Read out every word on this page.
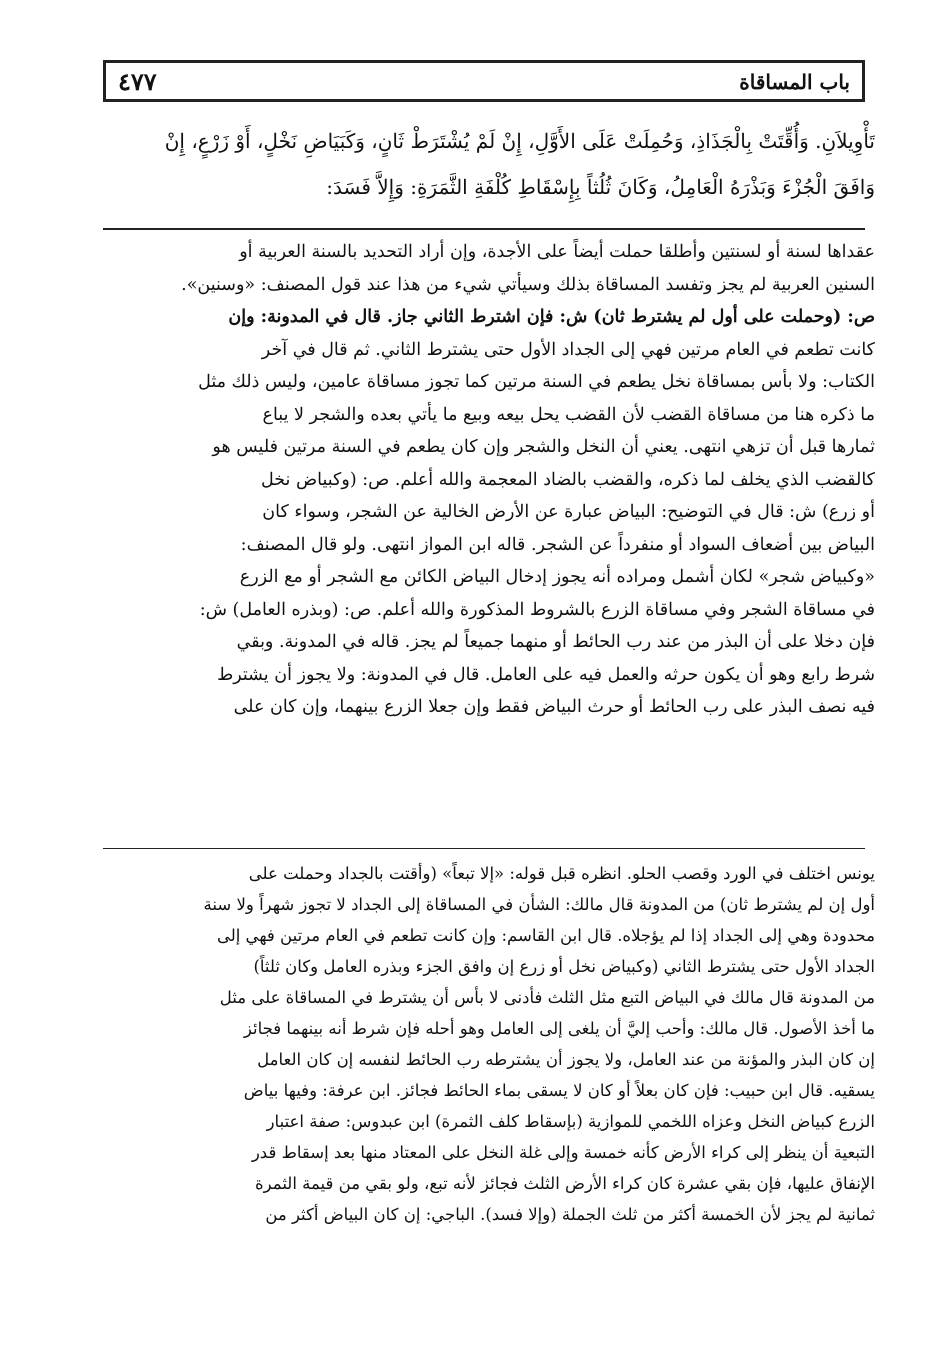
باب المساقاة
٤٧٧
تَأْوِيلاَنِ. وَأُقِّتَتْ بِالْجَذَاذِ، وَحُمِلَتْ عَلَى الأَوَّلِ، إِنْ لَمْ يُشْتَرَطْ ثَانٍ، وَكَبَيَاضِ نَخْلٍ، أَوْ زَرْعٍ، إِنْ
وَافَقَ الْجُزْءَ وَبَذْرَهُ الْعَامِلُ، وَكَانَ ثُلُثاً بِإِسْقَاطِ كُلْفَةِ الثَّمَرَةِ: وَإِلاَّ فَسَدَ:
عقداها لسنة أو لسنتين وأطلقا حملت أيضاً على الأجدة، وإن أراد التحديد بالسنة العربية أو
السنين العربية لم يجز وتفسد المساقاة بذلك وسيأتي شيء من هذا عند قول المصنف: «وسنين».
ص: (وحملت على أول لم يشترط ثان) ش: فإن اشترط الثاني جاز. قال في المدونة: وإن
كانت تطعم في العام مرتين فهي إلى الجداد الأول حتى يشترط الثاني. ثم قال في آخر
الكتاب: ولا بأس بمساقاة نخل يطعم في السنة مرتين كما تجوز مساقاة عامين، وليس ذلك مثل
ما ذكره هنا من مساقاة القضب لأن القضب يحل بيعه وبيع ما يأتي بعده والشجر لا يباع
ثمارها قبل أن تزهي انتهى. يعني أن النخل والشجر وإن كان يطعم في السنة مرتين فليس هو
كالقضب الذي يخلف لما ذكره، والقضب بالضاد المعجمة والله أعلم. ص: (وكبياض نخل
أو زرع) ش: قال في التوضيح: البياض عبارة عن الأرض الخالية عن الشجر، وسواء كان
البياض بين أضعاف السواد أو منفرداً عن الشجر. قاله ابن المواز انتهى. ولو قال المصنف:
«وكبياض شجر» لكان أشمل ومراده أنه يجوز إدخال البياض الكائن مع الشجر أو مع الزرع
في مساقاة الشجر وفي مساقاة الزرع بالشروط المذكورة والله أعلم. ص: (وبذره العامل) ش:
فإن دخلا على أن البذر من عند رب الحائط أو منهما جميعاً لم يجز. قاله في المدونة. وبقي
شرط رابع وهو أن يكون حرثه والعمل فيه على العامل. قال في المدونة: ولا يجوز أن يشترط
فيه نصف البذر على رب الحائط أو حرث البياض فقط وإن جعلا الزرع بينهما، وإن كان على
يونس اختلف في الورد وقصب الحلو. انظره قبل قوله: «إلا تبعاً» (وأقتت بالجداد وحملت على
أول إن لم يشترط ثان) من المدونة قال مالك: الشأن في المساقاة إلى الجداد لا تجوز شهراً ولا سنة
محدودة وهي إلى الجداد إذا لم يؤجلاه. قال ابن القاسم: وإن كانت تطعم في العام مرتين فهي إلى
الجداد الأول حتى يشترط الثاني (وكبياض نخل أو زرع إن وافق الجزء وبذره العامل وكان ثلثاً)
من المدونة قال مالك في البياض التبع مثل الثلث فأدنى لا بأس أن يشترط في المساقاة على مثل
ما أخذ الأصول. قال مالك: وأحب إليَّ أن يلغى إلى العامل وهو أحله فإن شرط أنه بينهما فجائز
إن كان البذر والمؤنة من عند العامل، ولا يجوز أن يشترطه رب الحائط لنفسه إن كان العامل
يسقيه. قال ابن حبيب: فإن كان بعلاً أو كان لا يسقى بماء الحائط فجائز. ابن عرفة: وفيها بياض
الزرع كبياض النخل وعزاه اللخمي للموازية (بإسقاط كلف الثمرة) ابن عبدوس: صفة اعتبار
التبعية أن ينظر إلى كراء الأرض كأنه خمسة وإلى غلة النخل على المعتاد منها بعد إسقاط قدر
الإنفاق عليها، فإن بقي عشرة كان كراء الأرض الثلث فجائز لأنه تبع، ولو بقي من قيمة الثمرة
ثمانية لم يجز لأن الخمسة أكثر من ثلث الجملة (وإلا فسد). الباجي: إن كان البياض أكثر من
